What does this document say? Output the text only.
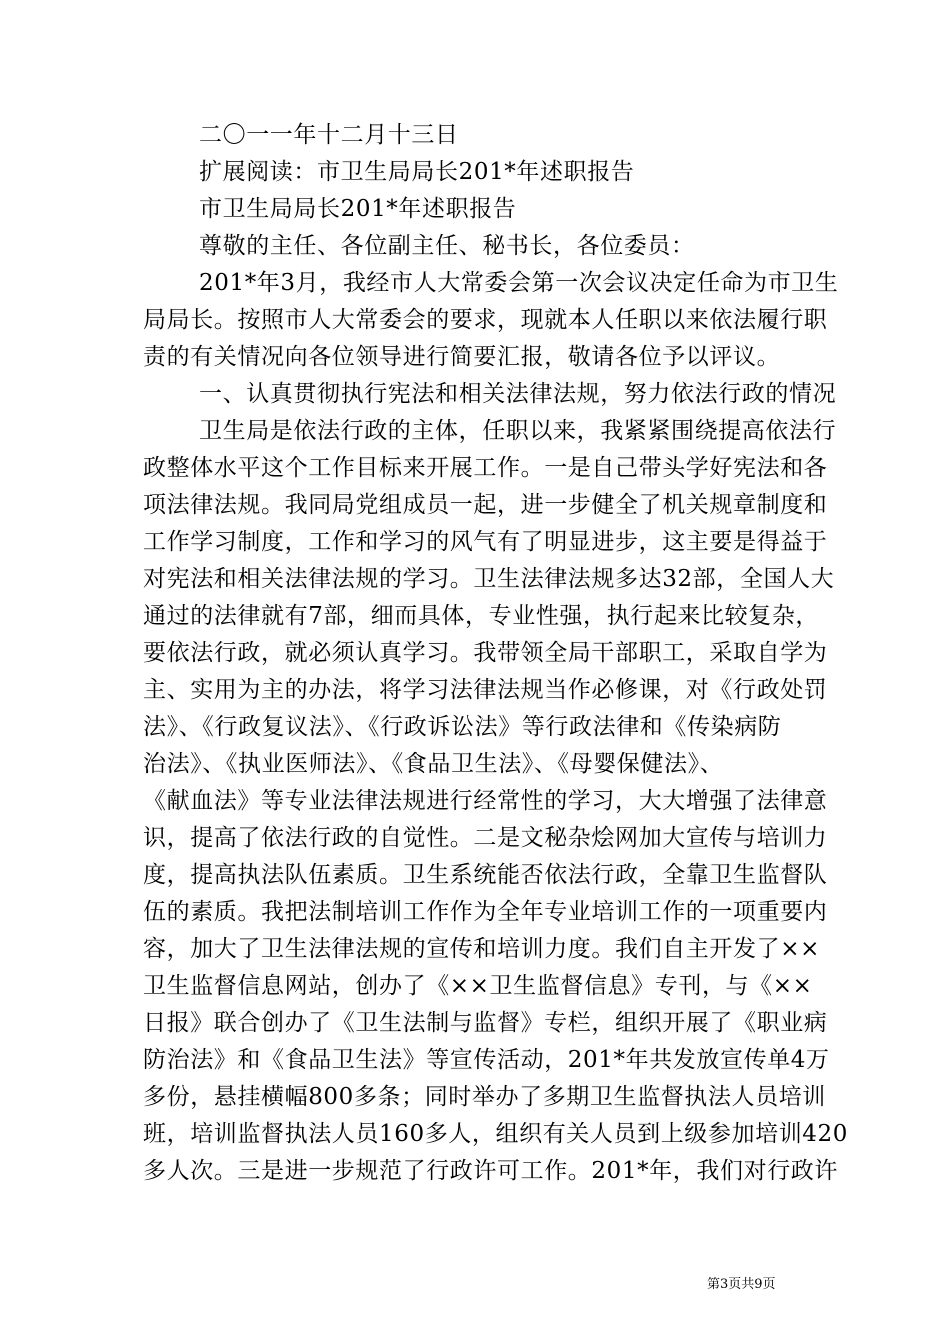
二〇一一年十二月十三日
扩展阅读：市卫生局局长201*年述职报告
市卫生局局长201*年述职报告
尊敬的主任、各位副主任、秘书长，各位委员：
201*年3月，我经市人大常委会第一次会议决定任命为市卫生
局局长。按照市人大常委会的要求，现就本人任职以来依法履行职
责的有关情况向各位领导进行简要汇报，敬请各位予以评议。
一、认真贯彻执行宪法和相关法律法规，努力依法行政的情况
卫生局是依法行政的主体，任职以来，我紧紧围绕提高依法行
政整体水平这个工作目标来开展工作。一是自己带头学好宪法和各
项法律法规。我同局党组成员一起，进一步健全了机关规章制度和
工作学习制度，工作和学习的风气有了明显进步，这主要是得益于
对宪法和相关法律法规的学习。卫生法律法规多达32部，全国人大
通过的法律就有7部，细而具体，专业性强，执行起来比较复杂，
要依法行政，就必须认真学习。我带领全局干部职工，采取自学为
主、实用为主的办法，将学习法律法规当作必修课，对《行政处罚
法》、《行政复议法》、《行政诉讼法》等行政法律和《传染病防
治法》、《执业医师法》、《食品卫生法》、《母婴保健法》、
《献血法》等专业法律法规进行经常性的学习，大大增强了法律意
识，提高了依法行政的自觉性。二是文秘杂烩网加大宣传与培训力
度，提高执法队伍素质。卫生系统能否依法行政，全靠卫生监督队
伍的素质。我把法制培训工作作为全年专业培训工作的一项重要内
容，加大了卫生法律法规的宣传和培训力度。我们自主开发了××
卫生监督信息网站，创办了《××卫生监督信息》专刊，与《××
日报》联合创办了《卫生法制与监督》专栏，组织开展了《职业病
防治法》和《食品卫生法》等宣传活动，201*年共发放宣传单4万
多份，悬挂横幅800多条；同时举办了多期卫生监督执法人员培训
班，培训监督执法人员160多人，组织有关人员到上级参加培训420
多人次。三是进一步规范了行政许可工作。201*年，我们对行政许
第3页共9页
